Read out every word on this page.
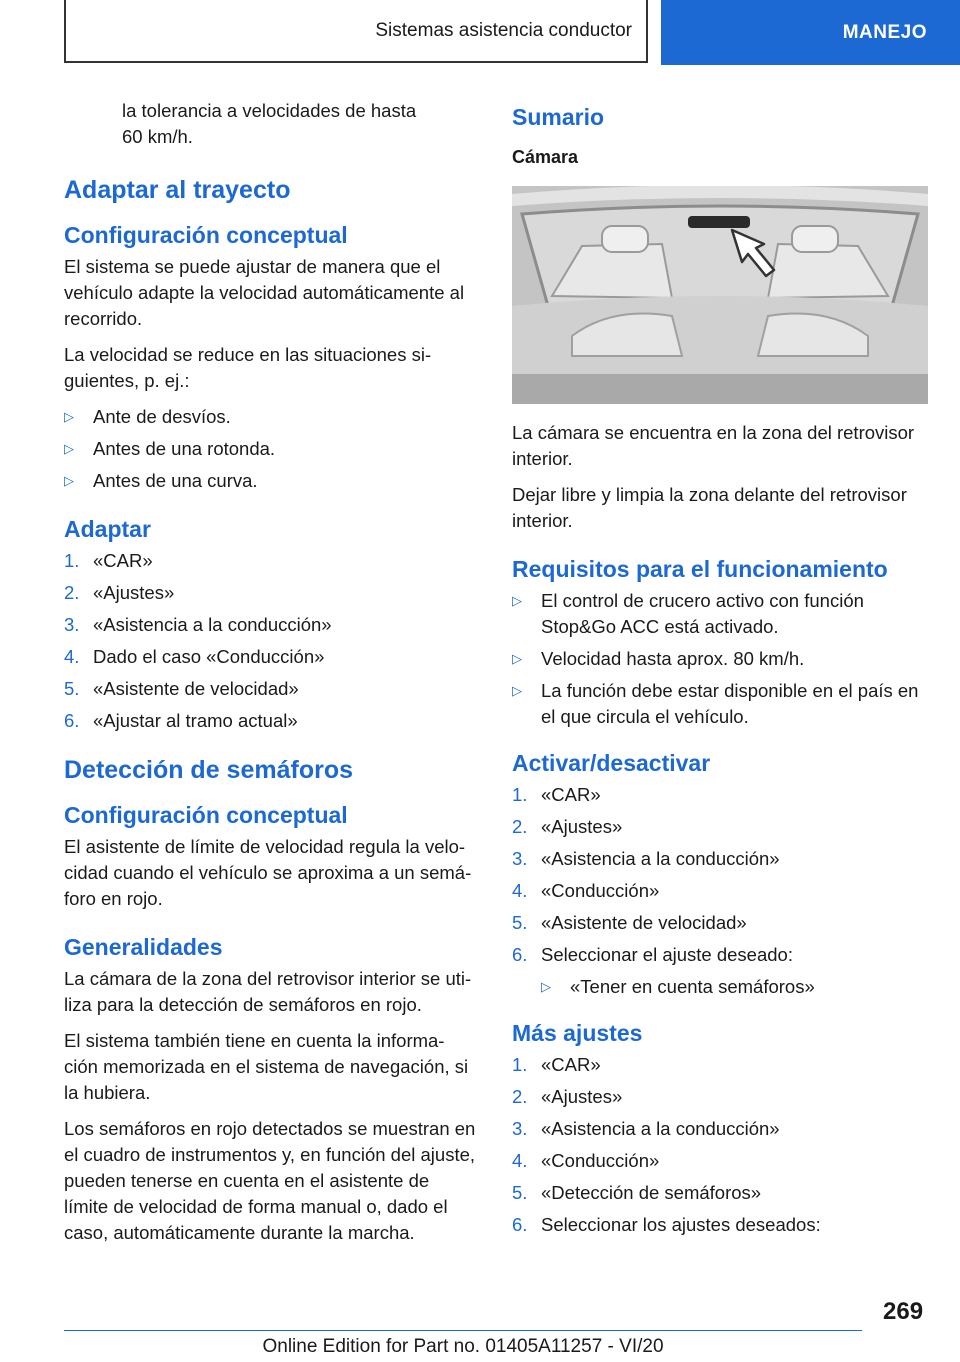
Sistemas asistencia conductor	MANEJO

la tolerancia a velocidades de hasta
60 km/h.

Adaptar al trayecto
Configuración conceptual

El sistema se puede ajustar de manera que el vehículo adapte la velocidad automáticamente al recorrido.

La velocidad se reduce en las situaciones si-guientes, p. ej.:

▷	Ante de desvíos.
▷	Antes de una rotonda.
▷	Antes de una curva.
Adaptar
1. «CAR»
2. «Ajustes»
3. «Asistencia a la conducción»
4. Dado el caso «Conducción»
5. «Asistente de velocidad»
6. «Ajustar al tramo actual»
Detección de semáforos
Configuración conceptual

El asistente de límite de velocidad regula la velo-cidad cuando el vehículo se aproxima a un semá-foro en rojo.

Generalidades

La cámara de la zona del retrovisor interior se uti-liza para la detección de semáforos en rojo.

El sistema también tiene en cuenta la informa-ción memorizada en el sistema de navegación, si la hubiera.

Los semáforos en rojo detectados se muestran en el cuadro de instrumentos y, en función del ajuste, pueden tenerse en cuenta en el asistente de límite de velocidad de forma manual o, dado el caso, automáticamente durante la marcha.

Sumario
Cámara

La cámara se encuentra en la zona del retrovisor interior.

Dejar libre y limpia la zona delante del retrovisor interior.

Requisitos para el funcionamiento
▷	El control de crucero activo con función Stop&Go ACC está activado.
▷	Velocidad hasta aprox. 80 km/h.
▷	La función debe estar disponible en el país en el que circula el vehículo.
Activar/desactivar
1. «CAR»
2. «Ajustes»
3. «Asistencia a la conducción»
4. «Conducción»
5. «Asistente de velocidad»
6. Seleccionar el ajuste deseado:
▷	«Tener en cuenta semáforos»
Más ajustes
1. «CAR»
2. «Ajustes»
3. «Asistencia a la conducción»
4. «Conducción»
5. «Detección de semáforos»
6. Seleccionar los ajustes deseados:
269
Online Edition for Part no. 01405A11257 - VI/20
